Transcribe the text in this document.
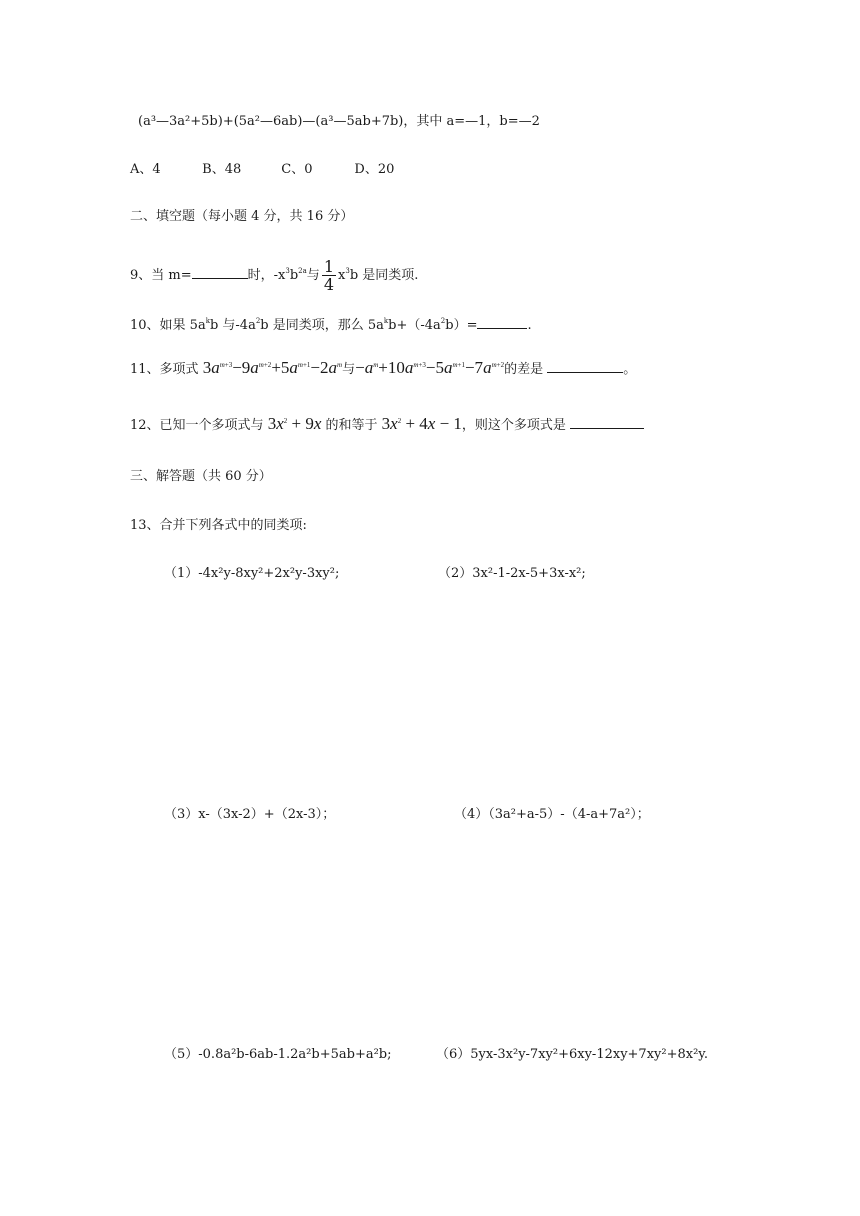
(a³—3a²+5b)+(5a²—6ab)—(a³—5ab+7b)，其中 a=—1，b=—2
A、4	B、48	C、0	D、20
二、填空题（每小题 4 分，共 16 分）
9、当 m=	时，$-x^3b^{2a}$与 $\frac{1}{4} x^3b$ 是同类项.
10、如果 $5a^kb$ 与$-4a^2b$ 是同类项，那么 $5a^kb+(-4a^2b)=$	.
11、多项式 $3a^{m+3}-9a^{m+2}+5a^{m+1}-2a^m$与$-a^m+10a^{m+3}-5a^{m+1}-7a^{m+2}$的差是	。
12、已知一个多项式与 $3x^2 + 9x$ 的和等于 $3x^2 + 4x - 1$，则这个多项式是
三、解答题（共 60 分）
13、合并下列各式中的同类项:
（1）-4x²y-8xy²+2x²y-3xy²;	（2）3x²-1-2x-5+3x-x²;
（3）x-（3x-2）+（2x-3）；	（4）（3a²+a-5）-（4-a+7a²）；
（5）-0.8a²b-6ab-1.2a²b+5ab+a²b;	（6）5yx-3x²y-7xy²+6xy-12xy+7xy²+8x²y.
